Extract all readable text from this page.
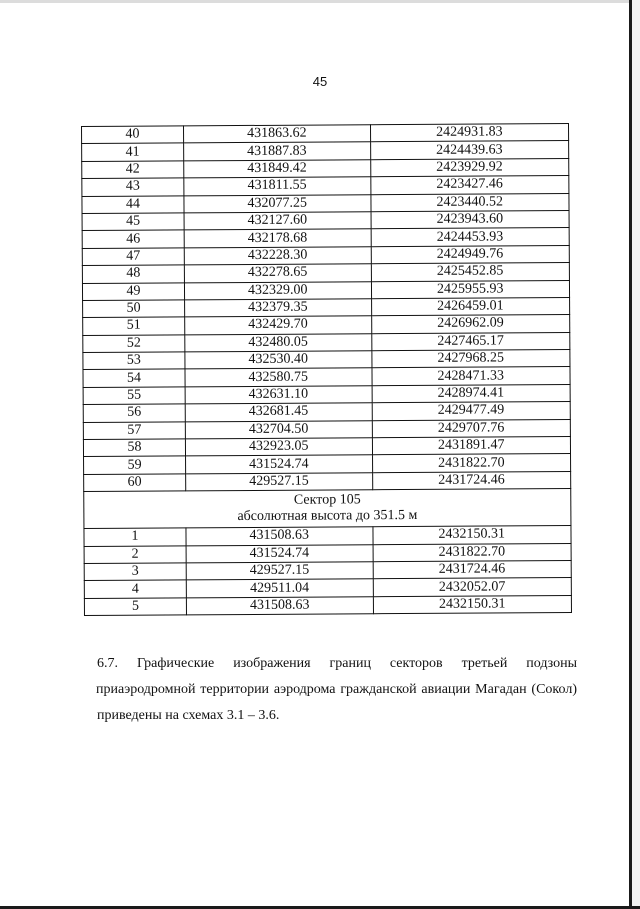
45
40	431863.62	2424931.83
41	431887.83	2424439.63
42	431849.42	2423929.92
43	431811.55	2423427.46
44	432077.25	2423440.52
45	432127.60	2423943.60
46	432178.68	2424453.93
47	432228.30	2424949.76
48	432278.65	2425452.85
49	432329.00	2425955.93
50	432379.35	2426459.01
51	432429.70	2426962.09
52	432480.05	2427465.17
53	432530.40	2427968.25
54	432580.75	2428471.33
55	432631.10	2428974.41
56	432681.45	2429477.49
57	432704.50	2429707.76
58	432923.05	2431891.47
59	431524.74	2431822.70
60	429527.15	2431724.46

Сектор 105
абсолютная высота до 351.5 м		

1	431508.63	2432150.31
2	431524.74	2431822.70
3	429527.15	2431724.46
4	429511.04	2432052.07
5	431508.63	2432150.31
6.7. Графические изображения границ секторов третьей подзоны
приаэродромной территории аэродрома гражданской авиации Магадан (Сокол)
приведены на схемах 3.1 – 3.6.
